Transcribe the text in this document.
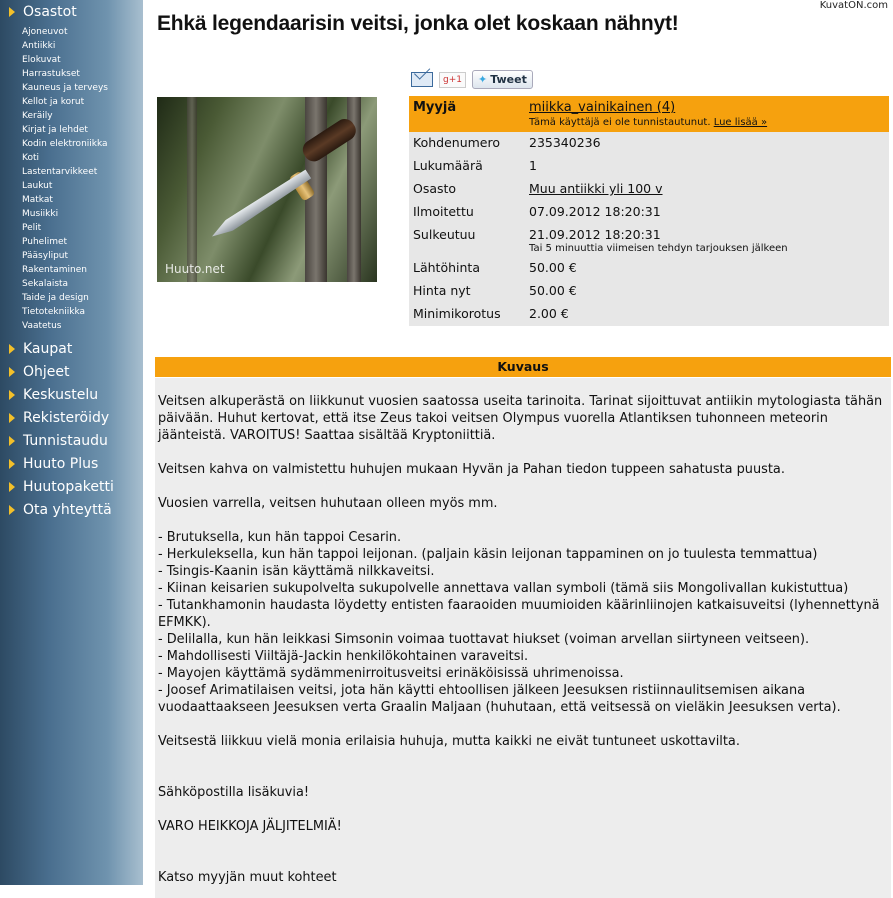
Osastot
Ajoneuvot
Antiikki
Elokuvat
Harrastukset
Kauneus ja terveys
Kellot ja korut
Keräily
Kirjat ja lehdet
Kodin elektroniikka
Koti
Lastentarvikkeet
Laukut
Matkat
Musiikki
Pelit
Puhelimet
Pääsyliput
Rakentaminen
Sekalaista
Taide ja design
Tietotekniikka
Vaatetus
Kaupat
Ohjeet
Keskustelu
Rekisteröidy
Tunnistaudu
Huuto Plus
Huutopaketti
Ota yhteyttä
KuvatON.com
Ehkä legendaarisin veitsi, jonka olet koskaan nähnyt!
g+1	✦ Tweet
Huuto.net
Myyjä	miikka_vainikainen (4)
Tämä käyttäjä ei ole tunnistautunut. Lue lisää »

Kohdenumero	235340236
Lukumäärä	1
Osasto	Muu antiikki yli 100 v
Ilmoitettu	07.09.2012 18:20:31
Sulkeutuu	21.09.2012 18:20:31
Tai 5 minuuttia viimeisen tehdyn tarjouksen jälkeen

Lähtöhinta	50.00 €
Hinta nyt	50.00 €
Minimikorotus	2.00 €
Kuvaus

Veitsen alkuperästä on liikkunut vuosien saatossa useita tarinoita. Tarinat sijoittuvat antiikin mytologiasta tähän päivään. Huhut kertovat, että itse Zeus takoi veitsen Olympus vuorella Atlantiksen tuhonneen meteorin jäänteistä. VAROITUS! Saattaa sisältää Kryptoniittiä.

Veitsen kahva on valmistettu huhujen mukaan Hyvän ja Pahan tiedon tuppeen sahatusta puusta.

Vuosien varrella, veitsen huhutaan olleen myös mm.

- Brutuksella, kun hän tappoi Cesarin.

- Herkuleksella, kun hän tappoi leijonan. (paljain käsin leijonan tappaminen on jo tuulesta temmattua)

- Tsingis-Kaanin isän käyttämä nilkkaveitsi.

- Kiinan keisarien sukupolvelta sukupolvelle annettava vallan symboli (tämä siis Mongolivallan kukistuttua)

- Tutankhamonin haudasta löydetty entisten faaraoiden muumioiden käärinliinojen katkaisuveitsi (lyhennettynä EFMKK).

- Delilalla, kun hän leikkasi Simsonin voimaa tuottavat hiukset (voiman arvellan siirtyneen veitseen).

- Mahdollisesti Viiltäjä-Jackin henkilökohtainen varaveitsi.

- Mayojen käyttämä sydämmenirroitusveitsi erinäköisissä uhrimenoissa.

- Joosef Arimatilaisen veitsi, jota hän käytti ehtoollisen jälkeen Jeesuksen ristiinnaulitsemisen aikana vuodaattaakseen Jeesuksen verta Graalin Maljaan (huhutaan, että veitsessä on vieläkin Jeesuksen verta).

Veitsestä liikkuu vielä monia erilaisia huhuja, mutta kaikki ne eivät tuntuneet uskottavilta.

Sähköpostilla lisäkuvia!

VARO HEIKKOJA JÄLJITELMIÄ!

Katso myyjän muut kohteet
